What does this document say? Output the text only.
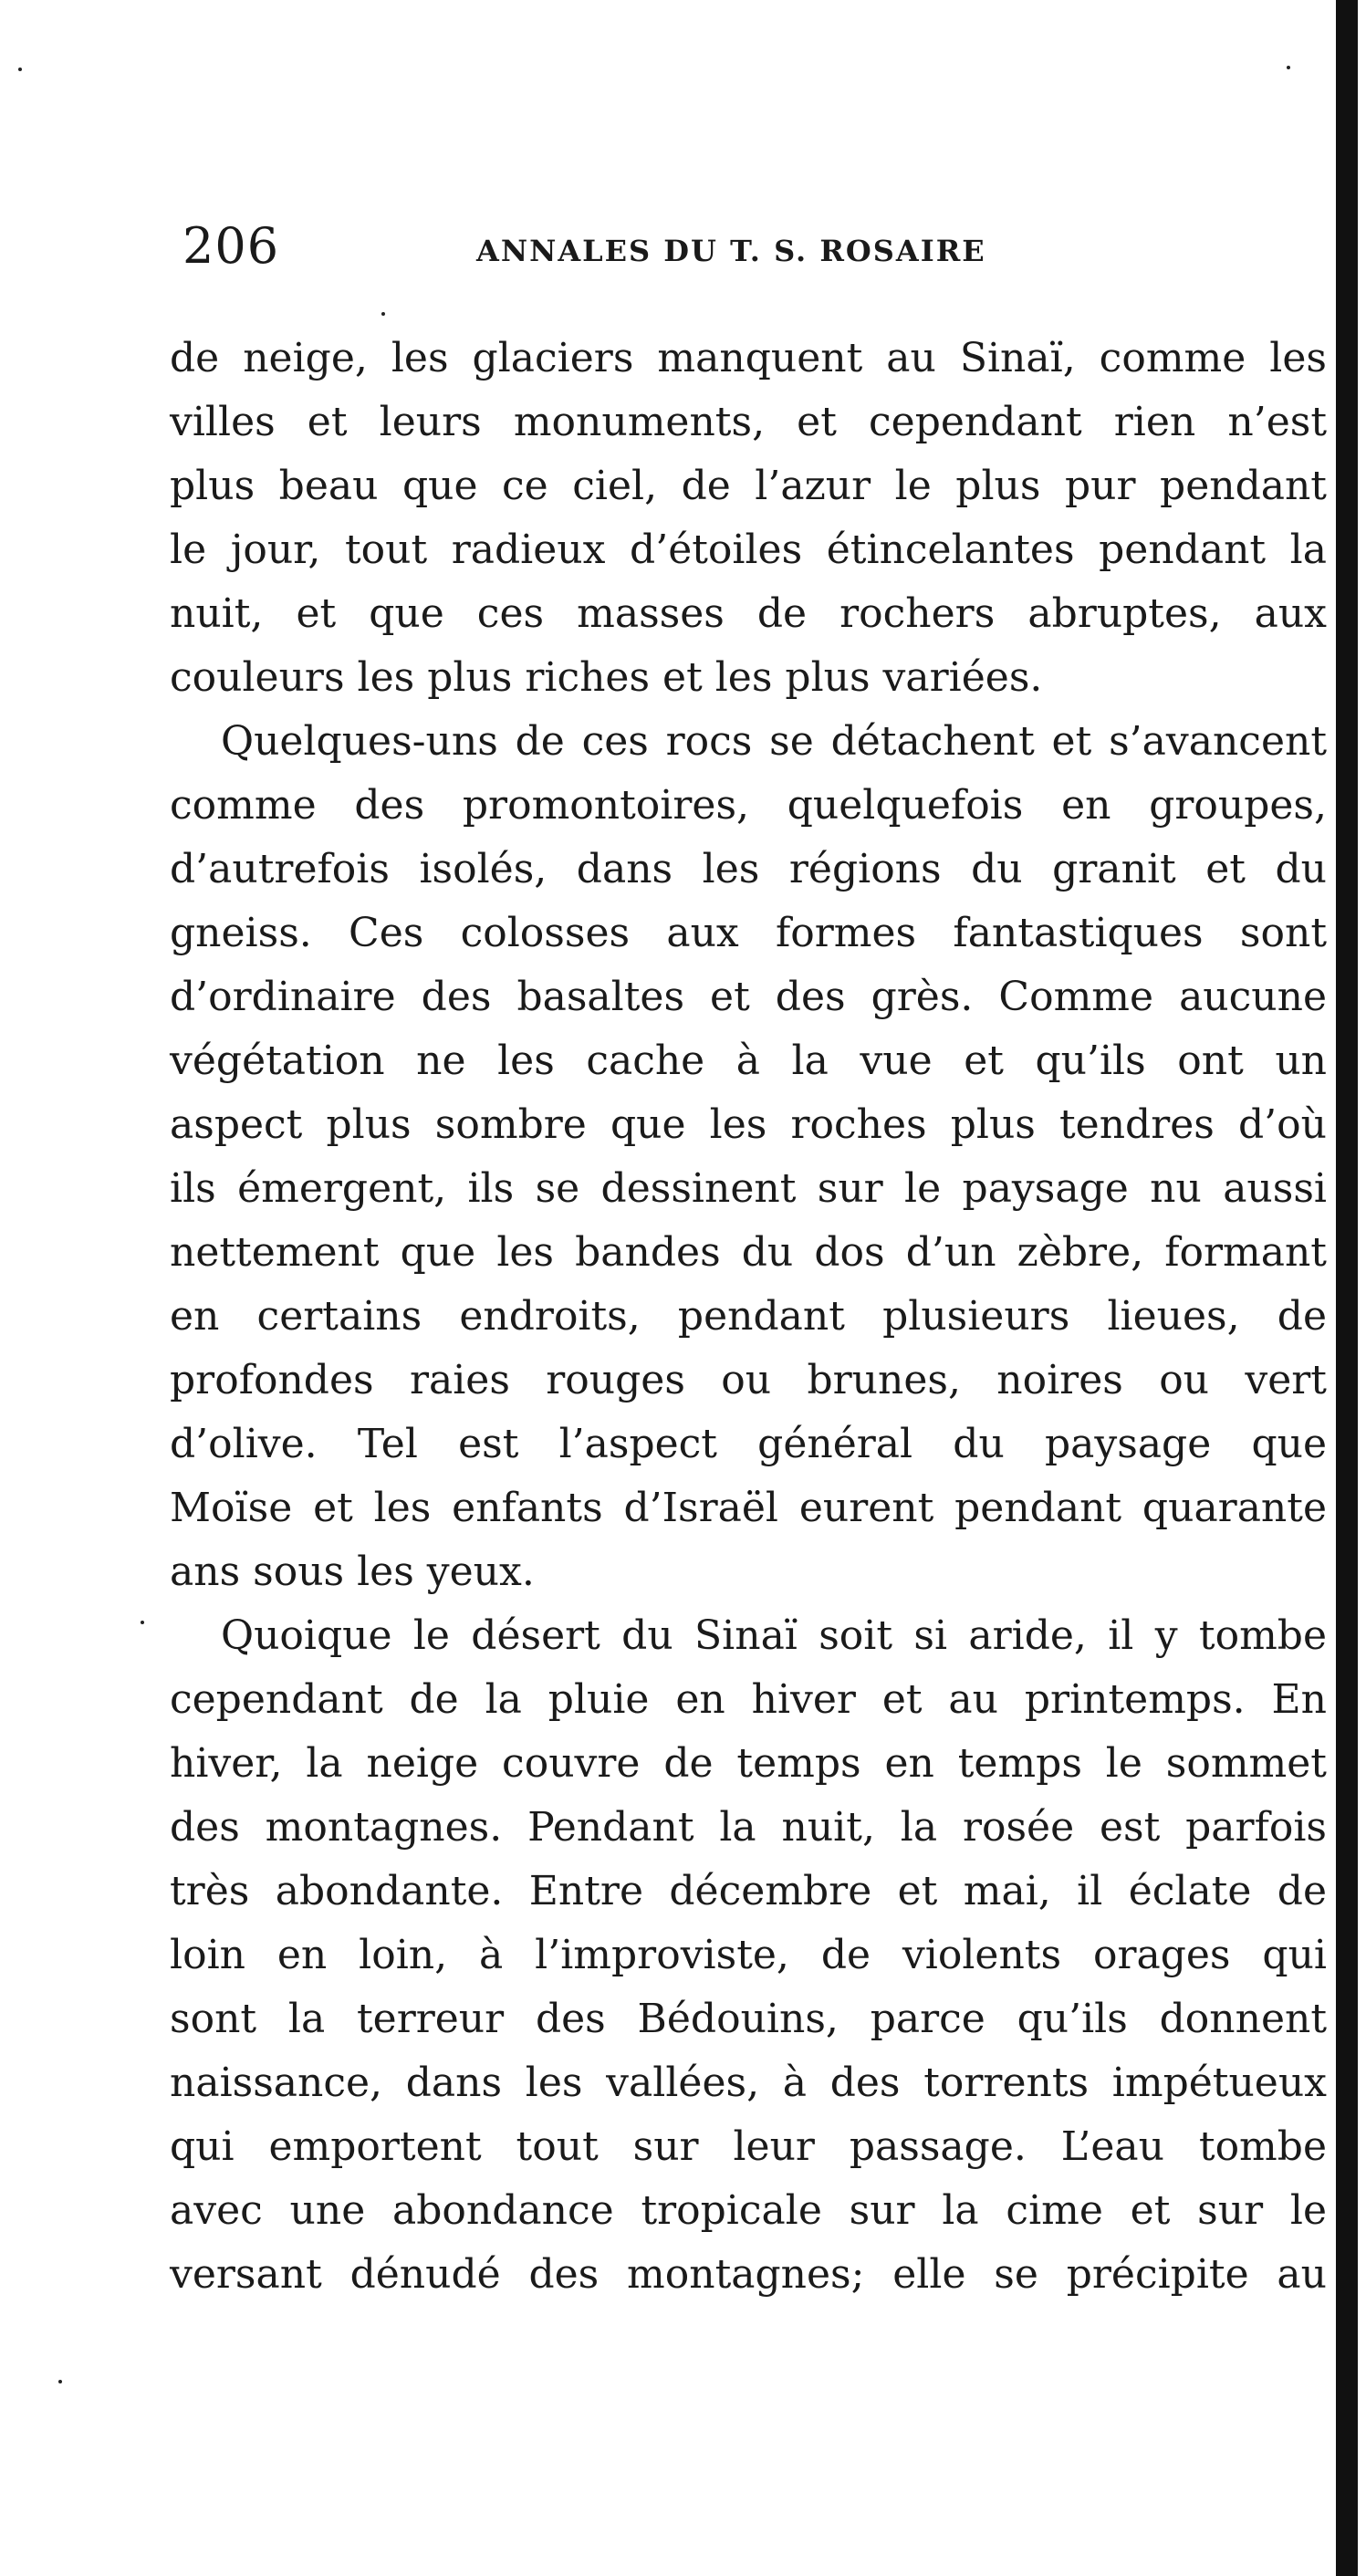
206	ANNALES DU T. S. ROSAIRE
de neige, les glaciers manquent au Sinaï, comme les
villes et leurs monuments, et cependant rien n’est
plus beau que ce ciel, de l’azur le plus pur pendant
le jour, tout radieux d’étoiles étincelantes pendant la
nuit, et que ces masses de rochers abruptes, aux
couleurs les plus riches et les plus variées.
Quelques-uns de ces rocs se détachent et s’avancent
comme des promontoires, quelquefois en groupes,
d’autrefois isolés, dans les régions du granit et du
gneiss. Ces colosses aux formes fantastiques sont
d’ordinaire des basaltes et des grès. Comme aucune
végétation ne les cache à la vue et qu’ils ont un
aspect plus sombre que les roches plus tendres d’où
ils émergent, ils se dessinent sur le paysage nu aussi
nettement que les bandes du dos d’un zèbre, formant
en certains endroits, pendant plusieurs lieues, de
profondes raies rouges ou brunes, noires ou vert
d’olive. Tel est l’aspect général du paysage que
Moïse et les enfants d’Israël eurent pendant quarante
ans sous les yeux.
Quoique le désert du Sinaï soit si aride, il y tombe
cependant de la pluie en hiver et au printemps. En
hiver, la neige couvre de temps en temps le sommet
des montagnes. Pendant la nuit, la rosée est parfois
très abondante. Entre décembre et mai, il éclate de
loin en loin, à l’improviste, de violents orages qui
sont la terreur des Bédouins, parce qu’ils donnent
naissance, dans les vallées, à des torrents impétueux
qui emportent tout sur leur passage. L’eau tombe
avec une abondance tropicale sur la cime et sur le
versant dénudé des montagnes; elle se précipite au
